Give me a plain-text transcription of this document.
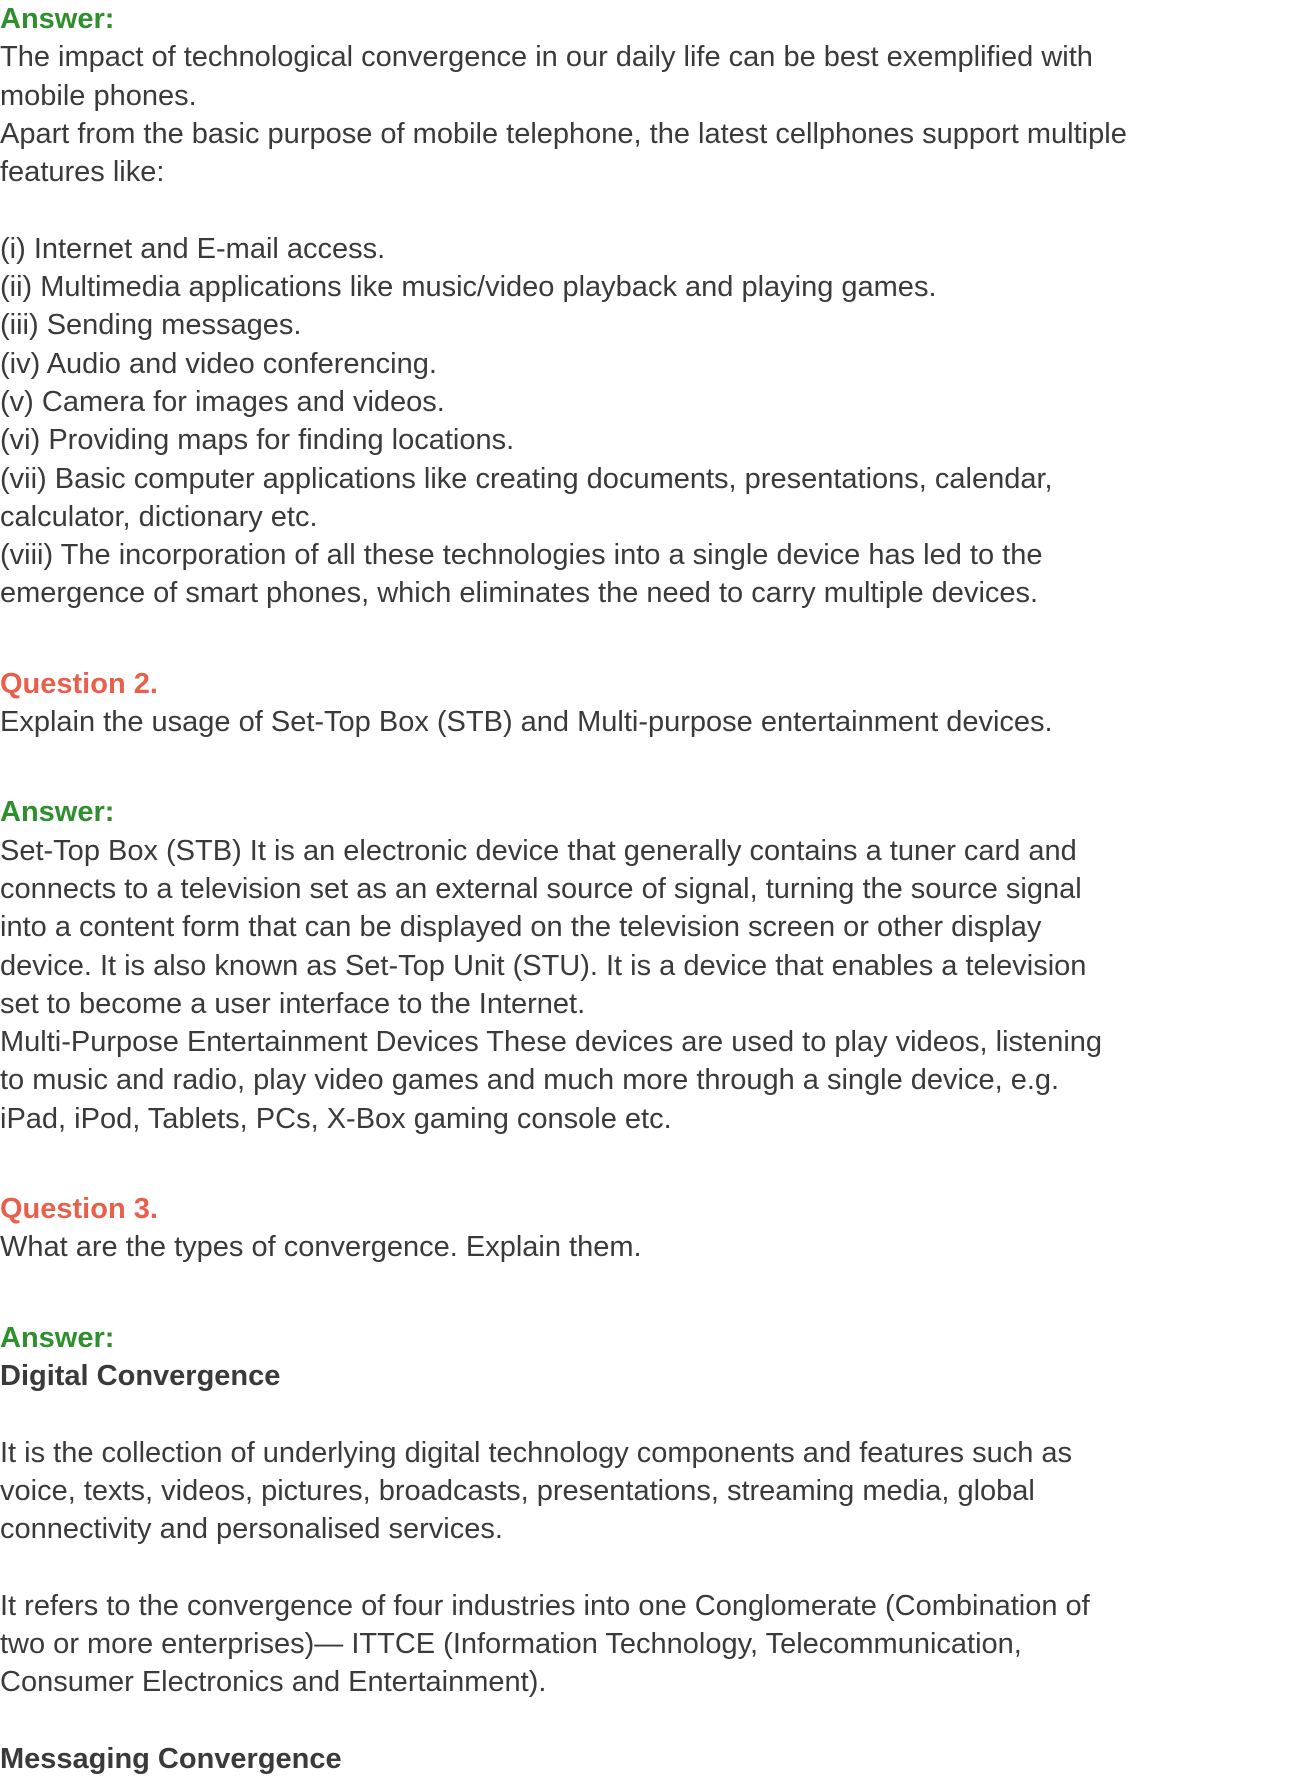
Answer:
The impact of technological convergence in our daily life can be best exemplified with
mobile phones.
Apart from the basic purpose of mobile telephone, the latest cellphones support multiple
features like:
(i) Internet and E-mail access.
(ii) Multimedia applications like music/video playback and playing games.
(iii) Sending messages.
(iv) Audio and video conferencing.
(v) Camera for images and videos.
(vi) Providing maps for finding locations.
(vii) Basic computer applications like creating documents, presentations, calendar,
calculator, dictionary etc.
(viii) The incorporation of all these technologies into a single device has led to the
emergence of smart phones, which eliminates the need to carry multiple devices.
Question 2.
Explain the usage of Set-Top Box (STB) and Multi-purpose entertainment devices.
Answer:
Set-Top Box (STB) It is an electronic device that generally contains a tuner card and
connects to a television set as an external source of signal, turning the source signal
into a content form that can be displayed on the television screen or other display
device. It is also known as Set-Top Unit (STU). It is a device that enables a television
set to become a user interface to the Internet.
Multi-Purpose Entertainment Devices These devices are used to play videos, listening
to music and radio, play video games and much more through a single device, e.g.
iPad, iPod, Tablets, PCs, X-Box gaming console etc.
Question 3.
What are the types of convergence. Explain them.
Answer:
Digital Convergence
It is the collection of underlying digital technology components and features such as
voice, texts, videos, pictures, broadcasts, presentations, streaming media, global
connectivity and personalised services.
It refers to the convergence of four industries into one Conglomerate (Combination of
two or more enterprises)— ITTCE (Information Technology, Telecommunication,
Consumer Electronics and Entertainment).
Messaging Convergence
